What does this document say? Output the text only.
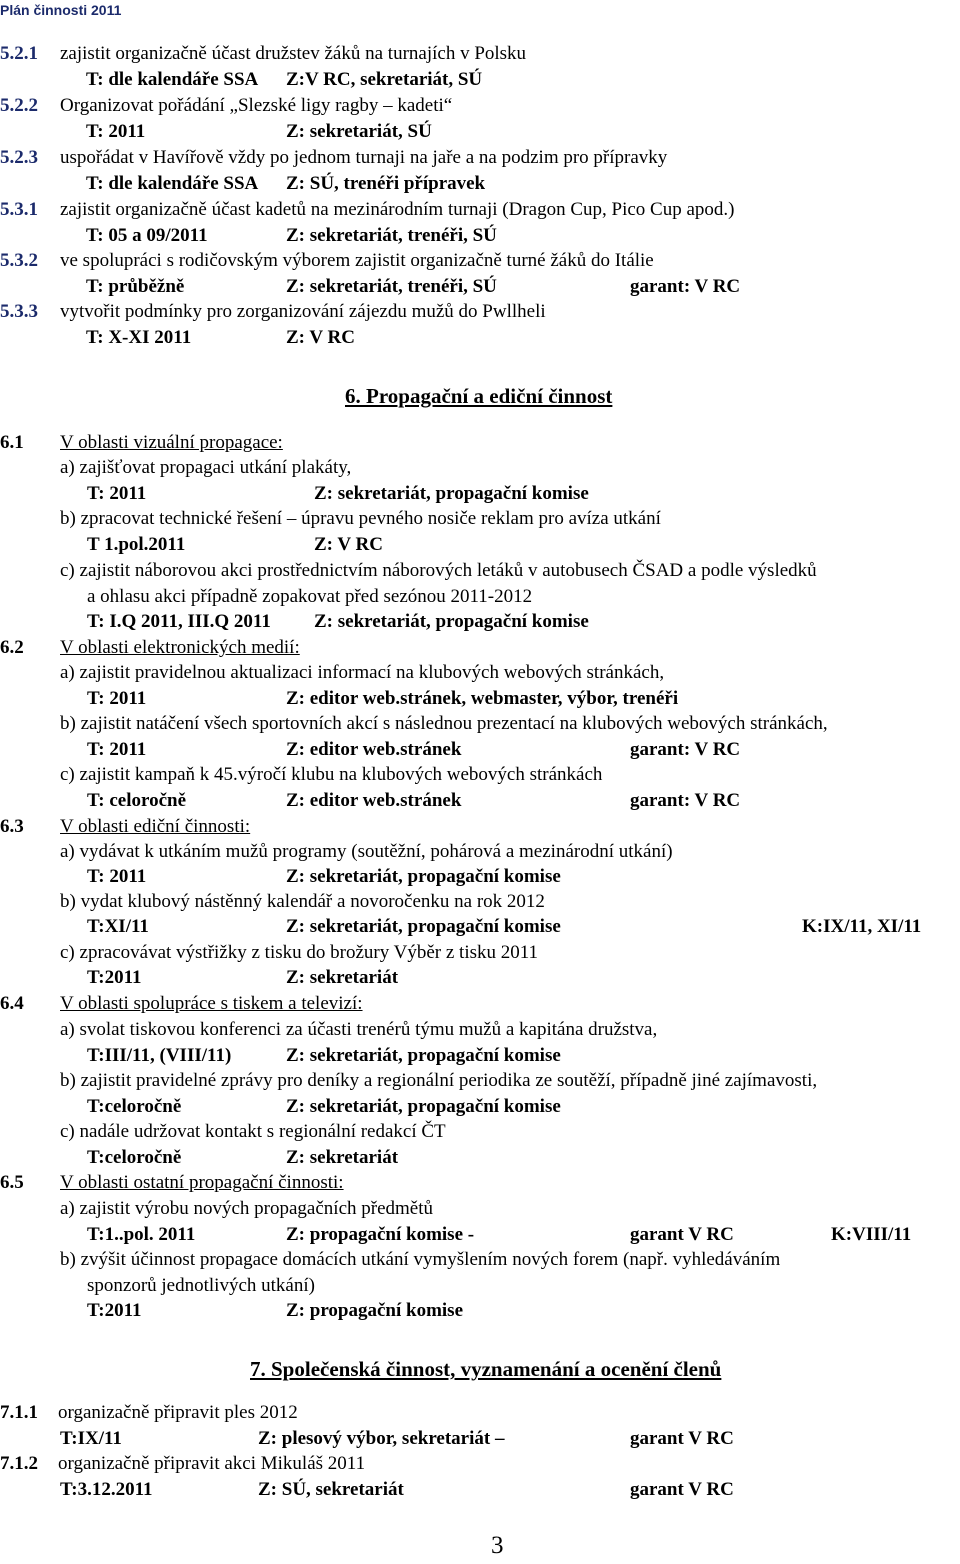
Plán činnosti 2011
5.2.1 zajistit organizačně účast družstev žáků na turnajích v Polsku
T: dle kalendáře SSA Z:V RC, sekretariát, SÚ
5.2.2 Organizovat pořádání „Slezské ligy ragby – kadeti“
T: 2011	Z: sekretariát, SÚ
5.2.3 uspořádat v Havířově vždy po jednom turnaji na jaře a na podzim pro přípravky
T: dle kalendáře SSA Z: SÚ, trenéři přípravek
5.3.1 zajistit organizačně účast kadetů na mezinárodním turnaji (Dragon Cup, Pico Cup apod.)
T: 05 a 09/2011	Z: sekretariát, trenéři, SÚ
5.3.2 ve spolupráci s rodičovským výborem zajistit organizačně turné žáků do Itálie
T: průběžně	Z: sekretariát, trenéři, SÚ	garant: V RC
5.3.3 vytvořit podmínky pro zorganizování zájezdu mužů do Pwllheli
T: X-XI 2011	Z: V RC
6. Propagační a ediční činnost
6.1 V oblasti vizuální propagace:
a) zajišťovat propagaci utkání plakáty,
T: 2011	Z: sekretariát, propagační komise
b) zpracovat technické řešení – úpravu pevného nosiče reklam pro avíza utkání
T 1.pol.2011	Z: V RC
c) zajistit náborovou akci prostřednictvím náborových letáků v autobusech ČSAD a podle výsledků
a ohlasu akci případně zopakovat před sezónou 2011-2012
T: I.Q 2011, III.Q 2011 Z: sekretariát, propagační komise
6.2 V oblasti elektronických medií:
a) zajistit pravidelnou aktualizaci informací na klubových webových stránkách,
T: 2011	Z: editor web.stránek, webmaster, výbor, trenéři
b) zajistit natáčení všech sportovních akcí s následnou prezentací na klubových webových stránkách,
T: 2011	Z: editor web.stránek	garant: V RC
c) zajistit kampaň k 45.výročí klubu na klubových webových stránkách
T: celoročně	Z: editor web.stránek	garant: V RC
6.3 V oblasti ediční činnosti:
a) vydávat k utkáním mužů programy (soutěžní, pohárová a mezinárodní utkání)
T: 2011	Z: sekretariát, propagační komise
b) vydat klubový nástěnný kalendář a novoročenku na rok 2012
T:XI/11	Z: sekretariát, propagační komise	K:IX/11, XI/11
c) zpracovávat výstřižky z tisku do brožury Výběr z tisku 2011
T:2011	Z: sekretariát
6.4 V oblasti spolupráce s tiskem a televizí:
a) svolat tiskovou konferenci za účasti trenérů týmu mužů a kapitána družstva,
T:III/11, (VIII/11)	Z: sekretariát, propagační komise
b) zajistit pravidelné zprávy pro deníky a regionální periodika ze soutěží, případně jiné zajímavosti,
T:celoročně	Z: sekretariát, propagační komise
c) nadále udržovat kontakt s regionální redakcí ČT
T:celoročně	Z: sekretariát
6.5 V oblasti ostatní propagační činnosti:
a) zajistit výrobu nových propagačních předmětů
T:1..pol. 2011	Z: propagační komise -	garant V RC	K:VIII/11
b) zvýšit účinnost propagace domácích utkání vymyšlením nových forem (např. vyhledáváním
sponzorů jednotlivých utkání)
T:2011	Z: propagační komise
7. Společenská činnost, vyznamenání a ocenění členů
7.1.1 organizačně připravit ples 2012
T:IX/11	Z: plesový výbor, sekretariát –	garant V RC
7.1.2 organizačně připravit akci Mikuláš 2011
T:3.12.2011	Z: SÚ, sekretariát	garant V RC
3
